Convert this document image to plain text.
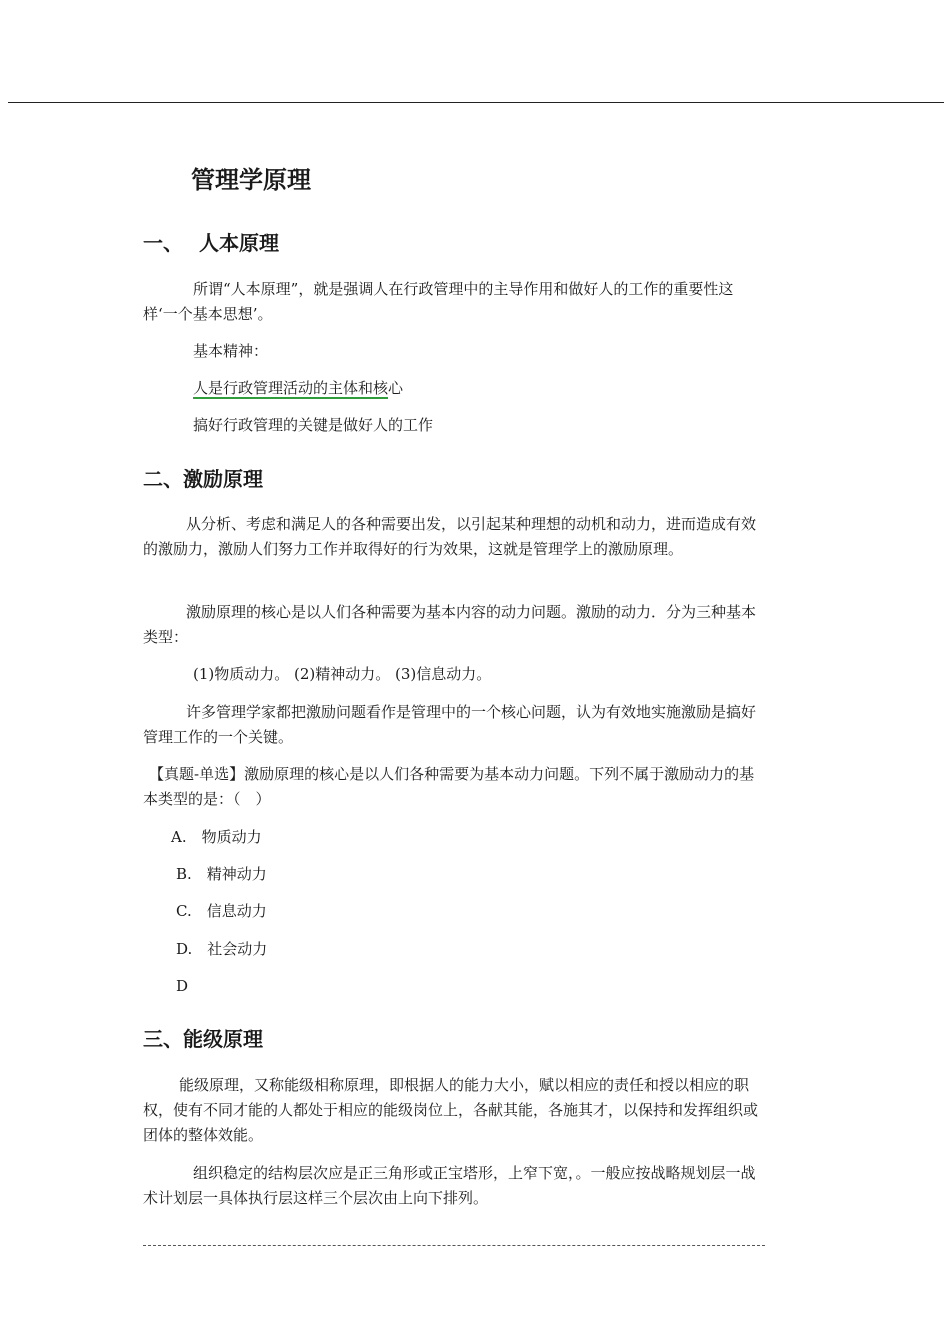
管理学原理
一、 人本原理

所谓“人本原理”，就是强调人在行政管理中的主导作用和做好人的工作的重要性这样‘一个基本思想’。

基本精神：
人是行政管理活动的主体和核心
搞好行政管理的关键是做好人的工作
二、激励原理

从分析、考虑和满足人的各种需要出发，以引起某种理想的动机和动力，进而造成有效的激励力，激励人们努力工作并取得好的行为效果，这就是管理学上的激励原理。

激励原理的核心是以人们各种需要为基本内容的动力问题。激励的动力．分为三种基本类型：

(1)物质动力。 (2)精神动力。 (3)信息动力。

许多管理学家都把激励问题看作是管理中的一个核心问题，认为有效地实施激励是搞好管理工作的一个关键。

【真题-单选】激励原理的核心是以人们各种需要为基本动力问题。下列不属于激励动力的基本类型的是：（　）

A.　物质动力
B.　精神动力
C.　信息动力
D.　社会动力
D
三、能级原理

能级原理，又称能级相称原理，即根据人的能力大小，赋以相应的责任和授以相应的职权，使有不同才能的人都处于相应的能级岗位上，各献其能，各施其才，以保持和发挥组织或团体的整体效能。

组织稳定的结构层次应是正三角形或正宝塔形，上窄下宽，。一般应按战略规划层一战术计划层一具体执行层这样三个层次由上向下排列。
